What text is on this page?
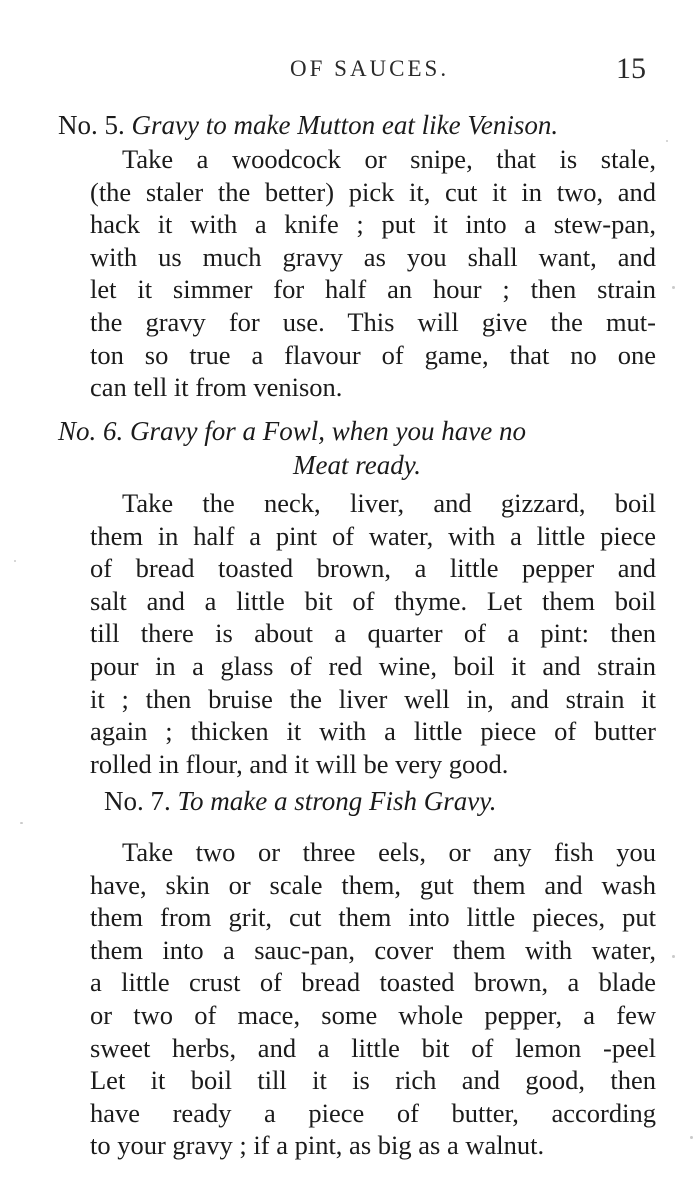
OF SAUCES.	15
No. 5. Gravy to make Mutton eat like Venison.
Take a woodcock or snipe, that is stale,
(the staler the better) pick it, cut it in two, and
hack it with a knife ; put it into a stew-pan,
with us much gravy as you shall want, and
let it simmer for half an hour ; then strain
the gravy for use. This will give the mut-
ton so true a flavour of game, that no one
can tell it from venison.
No. 6. Gravy for a Fowl, when you have no
Meat ready.
Take the neck, liver, and gizzard, boil
them in half a pint of water, with a little piece
of bread toasted brown, a little pepper and
salt and a little bit of thyme. Let them boil
till there is about a quarter of a pint: then
pour in a glass of red wine, boil it and strain
it ; then bruise the liver well in, and strain it
again ; thicken it with a little piece of butter
rolled in flour, and it will be very good.
No. 7. To make a strong Fish Gravy.
Take two or three eels, or any fish you
have, skin or scale them, gut them and wash
them from grit, cut them into little pieces, put
them into a sauc-pan, cover them with water,
a little crust of bread toasted brown, a blade
or two of mace, some whole pepper, a few
sweet herbs, and a little bit of lemon -peel
Let it boil till it is rich and good, then
have ready a piece of butter, according
to your gravy ; if a pint, as big as a walnut.
